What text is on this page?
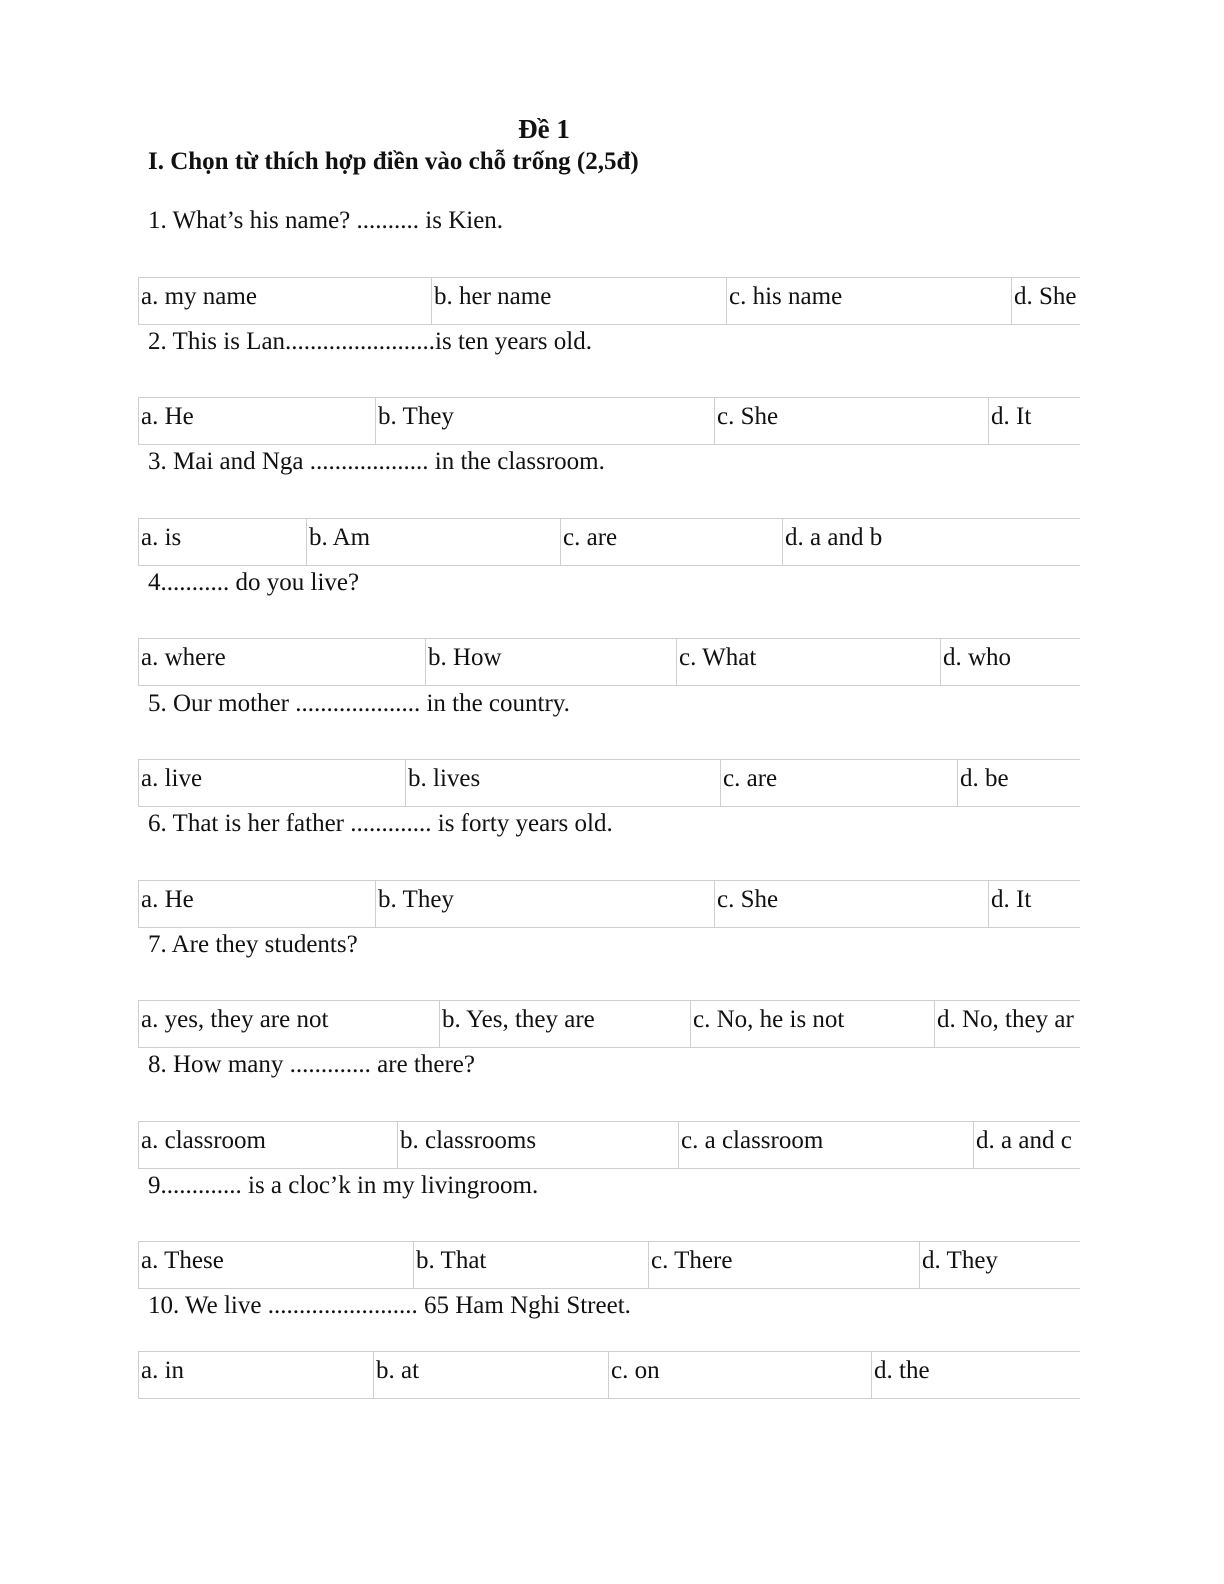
Đề 1
I. Chọn từ thích hợp điền vào chỗ trống (2,5đ)
1. What’s his name? .......... is Kien.
a. my name	b. her name	c. his name	d. She
2. This is Lan........................is ten years old.
a. He	b. They	c. She	d. It
3. Mai and Nga ................... in the classroom.
a. is	b. Am	c. are	d. a and b
4........... do you live?
a. where	b. How	c. What	d. who
5. Our mother .................... in the country.
a. live	b. lives	c. are	d. be
6. That is her father ............. is forty years old.
a. He	b. They	c. She	d. It
7. Are they students?
a. yes, they are not	b. Yes, they are	c. No, he is not	d. No, they ar
8. How many ............. are there?
a. classroom	b. classrooms	c. a classroom	d. a and c
9............. is a cloc’k in my livingroom.
a. These	b. That	c. There	d. They
10. We live ........................ 65 Ham Nghi Street.
a. in	b. at	c. on	d. the
